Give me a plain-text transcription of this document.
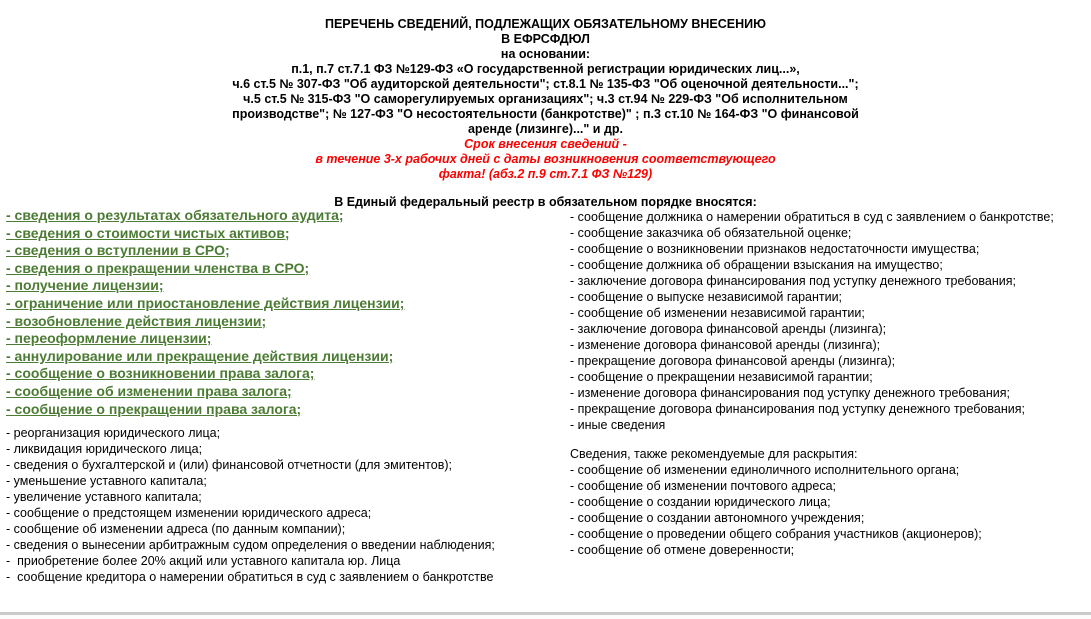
ПЕРЕЧЕНЬ СВЕДЕНИЙ, ПОДЛЕЖАЩИХ ОБЯЗАТЕЛЬНОМУ ВНЕСЕНИЮ
В ЕФРСФДЮЛ
на основании:
п.1, п.7 ст.7.1 ФЗ №129-ФЗ «О государственной регистрации юридических лиц...»,
ч.6 ст.5 № 307-ФЗ "Об аудиторской деятельности"; ст.8.1 № 135-ФЗ "Об оценочной деятельности...";
ч.5 ст.5 № 315-ФЗ "О саморегулируемых организациях"; ч.3 ст.94 № 229-ФЗ "Об исполнительном
производстве"; № 127-ФЗ "О несостоятельности (банкротстве)" ; п.3 ст.10 № 164-ФЗ "О финансовой
аренде (лизинге)..." и др.
Срок внесения сведений -
в течение 3-х рабочих дней с даты возникновения соответствующего
факта! (абз.2 п.9 ст.7.1 ФЗ №129)
В Единый федеральный реестр в обязательном порядке вносятся:
- сведения о результатах обязательного аудита;
- сведения о стоимости чистых активов;
- сведения о вступлении в СРО;
- сведения о прекращении членства в СРО;
- получение лицензии;
- ограничение или приостановление действия лицензии;
- возобновление действия лицензии;
- переоформление лицензии;
- аннулирование или прекращение действия лицензии;
- сообщение о возникновении права залога;
- сообщение об изменении права залога;
- сообщение о прекращении права залога;
- реорганизация юридического лица;
- ликвидация юридического лица;
- сведения о бухгалтерской и (или) финансовой отчетности (для эмитентов);
- уменьшение уставного капитала;
- увеличение уставного капитала;
- сообщение о предстоящем изменении юридического адреса;
- сообщение об изменении адреса (по данным компании);
- сведения о вынесении арбитражным судом определения о введении наблюдения;
-  приобретение более 20% акций или уставного капитала юр. Лица
-  сообщение кредитора о намерении обратиться в суд с заявлением о банкротстве
- сообщение должника о намерении обратиться в суд с заявлением о банкротстве;
- сообщение заказчика об обязательной оценке;
- сообщение о возникновении признаков недостаточности имущества;
- сообщение должника об обращении взыскания на имущество;
- заключение договора финансирования под уступку денежного требования;
- сообщение о выпуске независимой гарантии;
- сообщение об изменении независимой гарантии;
- заключение договора финансовой аренды (лизинга);
- изменение договора финансовой аренды (лизинга);
- прекращение договора финансовой аренды (лизинга);
- сообщение о прекращении независимой гарантии;
- изменение договора финансирования под уступку денежного требования;
- прекращение договора финансирования под уступку денежного требования;
- иные сведения
Сведения, также рекомендуемые для раскрытия:
- сообщение об изменении единоличного исполнительного органа;
- сообщение об изменении почтового адреса;
- сообщение о создании юридического лица;
- сообщение о создании автономного учреждения;
- сообщение о проведении общего собрания участников (акционеров);
- сообщение об отмене доверенности;
